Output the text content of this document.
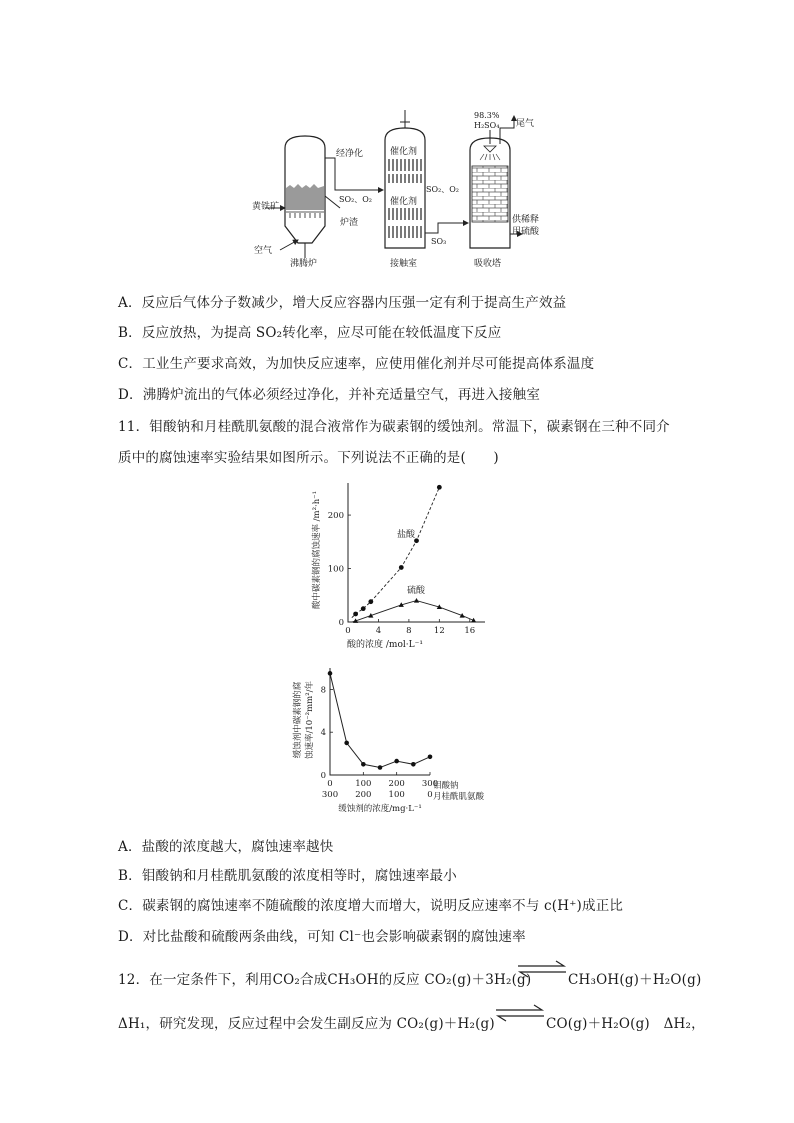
黄铁矿
SO₂、O₂
炉渣
空气
沸腾炉
经净化	催化剂
催化剂
接触室
SO₂、O₂
SO₃
98.3%
H₂SO₄ 尾气
供稀释
用硫酸
吸收塔
A．反应后气体分子数减少，增大反应容器内压强一定有利于提高生产效益
B．反应放热，为提高 SO₂转化率，应尽可能在较低温度下反应
C．工业生产要求高效，为加快反应速率，应使用催化剂并尽可能提高体系温度
D．沸腾炉流出的气体必须经过净化，并补充适量空气，再进入接触室
11．钼酸钠和月桂酰肌氨酸的混合液常作为碳素钢的缓蚀剂。常温下，碳素钢在三种不同介
质中的腐蚀速率实验结果如图所示。下列说法不正确的是(　　)
0	4	8	12 16
0
100
200
酸中碳素钢的腐蚀速率 /m²·h⁻¹
酸的浓度 /mol·L⁻¹
盐酸
硫酸
0
300
100
200
200
100
300
0
0
4
8
缓蚀剂中碳素钢的腐 蚀速率/10⁻²mm²/年
钼酸钠
月桂酰肌氨酸
缓蚀剂的浓度/mg·L⁻¹
A．盐酸的浓度越大，腐蚀速率越快
B．钼酸钠和月桂酰肌氨酸的浓度相等时，腐蚀速率最小
C．碳素钢的腐蚀速率不随硫酸的浓度增大而增大，说明反应速率不与 c(H⁺)成正比
D．对比盐酸和硫酸两条曲线，可知 Cl⁻也会影响碳素钢的腐蚀速率
12．在一定条件下，利用CO₂合成CH₃OH的反应 CO₂(g)＋3H₂(g)	CH₃OH(g)＋H₂O(g)
ΔH₁，研究发现，反应过程中会发生副反应为 CO₂(g)＋H₂(g)	CO(g)＋H₂O(g)　ΔH₂，
